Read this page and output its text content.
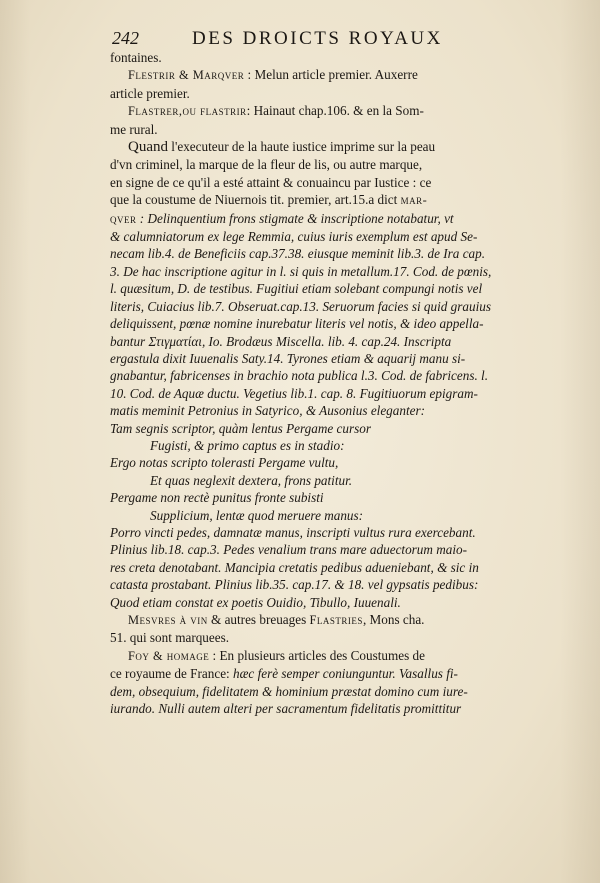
242	DES DROICTS ROYAUX

fontaines.

Flestrir & Marqver : Melun article premier. Auxerre

article premier.

Flastrer,ou flastrir: Hainaut chap.106. & en la Som-

me rural.

Quand l'executeur de la haute iustice imprime sur la peau

d'vn criminel, la marque de la fleur de lis, ou autre marque,

en signe de ce qu'il a esté attaint & conuaincu par Iustice : ce

que la coustume de Niuernois tit. premier, art.15.a dict mar-

qver : Delinquentium frons stigmate & inscriptione notabatur, vt

& calumniatorum ex lege Remmia, cuius iuris exemplum est apud Se-

necam lib.4. de Beneficiis cap.37.38. eiusque meminit lib.3. de Ira cap.

3. De hac inscriptione agitur in l. si quis in metallum.17. Cod. de pœnis,

l. quæsitum, D. de testibus. Fugitiui etiam solebant compungi notis vel

literis, Cuiacius lib.7. Obseruat.cap.13. Seruorum facies si quid grauius

deliquissent, pœnæ nomine inurebatur literis vel notis, & ideo appella-

bantur Στιγματίαι, Io. Brodæus Miscella. lib. 4. cap.24. Inscripta

ergastula dixit Iuuenalis Saty.14. Tyrones etiam & aquarij manu si-

gnabantur, fabricenses in brachio nota publica l.3. Cod. de fabricens. l.

10. Cod. de Aquæ ductu. Vegetius lib.1. cap. 8. Fugitiuorum epigram-

matis meminit Petronius in Satyrico, & Ausonius eleganter:

Tam segnis scriptor, quàm lentus Pergame cursor

Fugisti, & primo captus es in stadio:

Ergo notas scripto tolerasti Pergame vultu,

Et quas neglexit dextera, frons patitur.

Pergame non rectè punitus fronte subisti

Supplicium, lentæ quod meruere manus:

Porro vincti pedes, damnatæ manus, inscripti vultus rura exercebant.

Plinius lib.18. cap.3. Pedes venalium trans mare aduectorum maio-

res creta denotabant. Mancipia cretatis pedibus adueniebant, & sic in

catasta prostabant. Plinius lib.35. cap.17. & 18. vel gypsatis pedibus:

Quod etiam constat ex poetis Ouidio, Tibullo, Iuuenali.

Mesvres à vin & autres breuages Flastries, Mons cha.

51. qui sont marquees.

Foy & homage : En plusieurs articles des Coustumes de

ce royaume de France: hæc ferè semper coniunguntur. Vasallus fi-

dem, obsequium, fidelitatem & hominium præstat domino cum iure-

iurando. Nulli autem alteri per sacramentum fidelitatis promittitur
